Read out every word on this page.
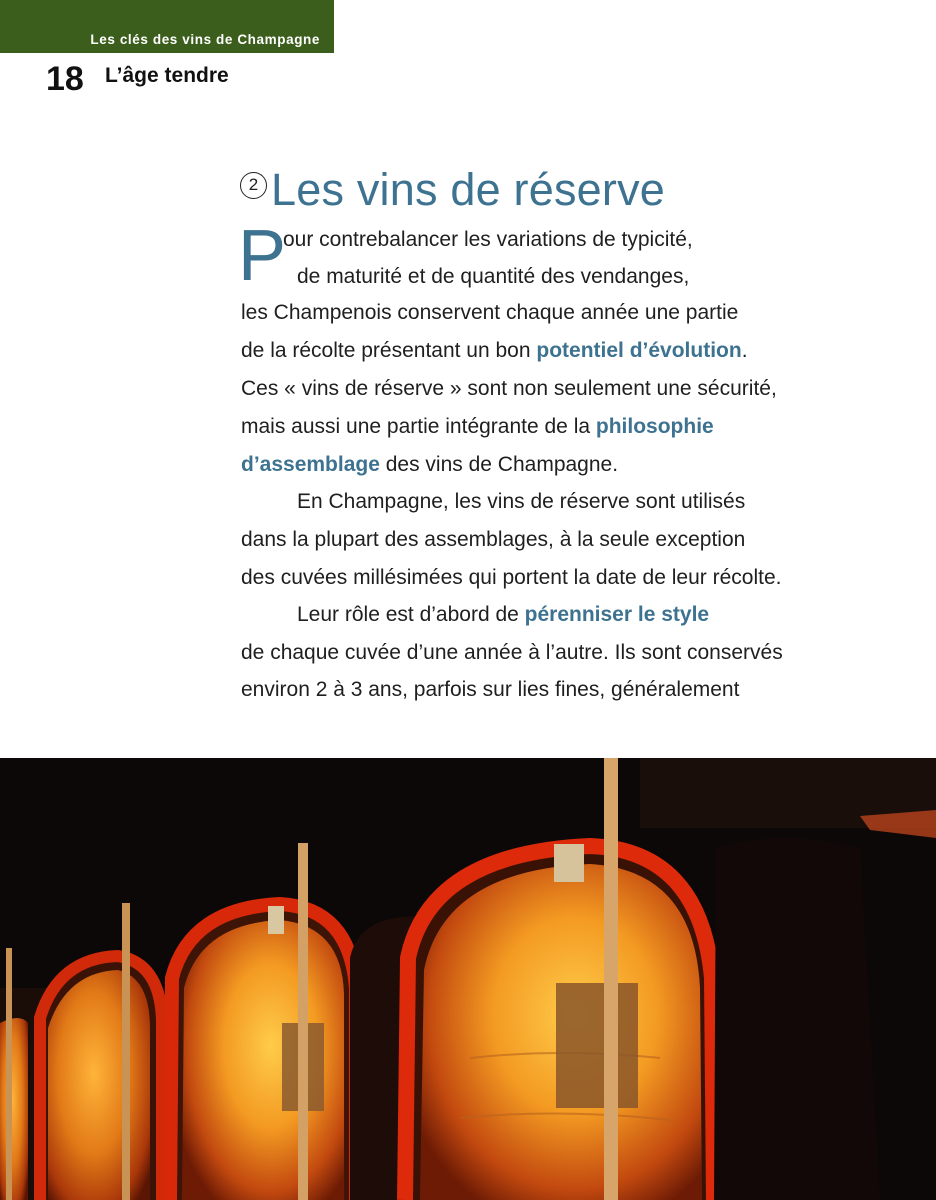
Les clés des vins de Champagne
18 L’âge tendre
2 Les vins de réserve
P
our contrebalancer les variations de typicité,
de maturité et de quantité des vendanges,
les Champenois conservent chaque année une partie
de la récolte présentant un bon potentiel d’évolution.
Ces « vins de réserve » sont non seulement une sécurité,
mais aussi une partie intégrante de la philosophie
d’assemblage des vins de Champagne.
En Champagne, les vins de réserve sont utilisés
dans la plupart des assemblages, à la seule exception
des cuvées millésimées qui portent la date de leur récolte.
Leur rôle est d’abord de pérenniser le style
de chaque cuvée d’une année à l’autre. Ils sont conservés
environ 2 à 3 ans, parfois sur lies fines, généralement
